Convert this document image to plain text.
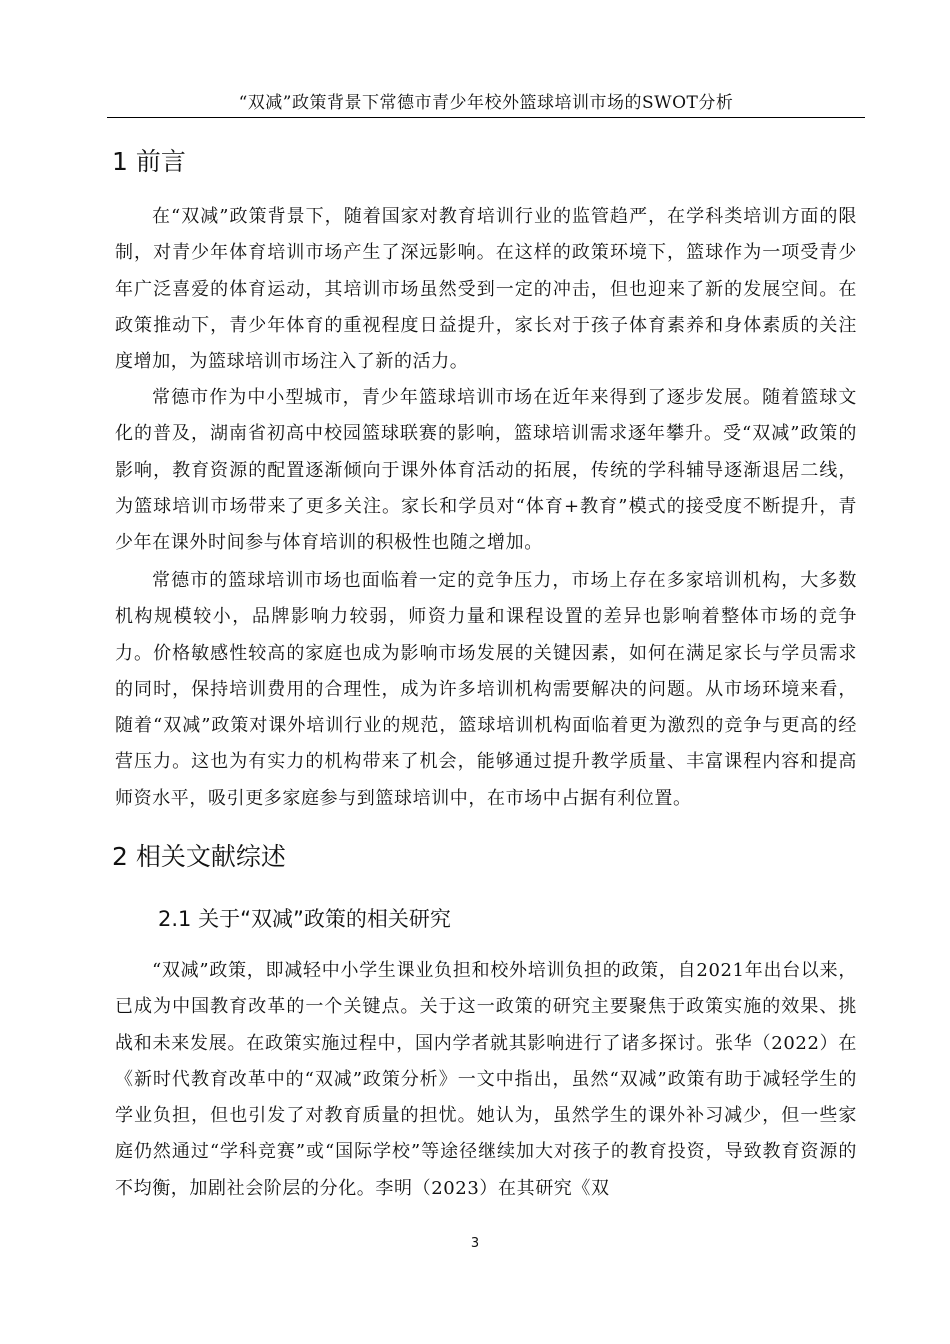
“双减”政策背景下常德市青少年校外篮球培训市场的SWOT分析
1 前言

在“双减”政策背景下，随着国家对教育培训行业的监管趋严，在学科类培训方面的限制，对青少年体育培训市场产生了深远影响。在这样的政策环境下，篮球作为一项受青少年广泛喜爱的体育运动，其培训市场虽然受到一定的冲击，但也迎来了新的发展空间。在政策推动下，青少年体育的重视程度日益提升，家长对于孩子体育素养和身体素质的关注度增加，为篮球培训市场注入了新的活力。

常德市作为中小型城市，青少年篮球培训市场在近年来得到了逐步发展。随着篮球文化的普及，湖南省初高中校园篮球联赛的影响，篮球培训需求逐年攀升。受“双减”政策的影响，教育资源的配置逐渐倾向于课外体育活动的拓展，传统的学科辅导逐渐退居二线，为篮球培训市场带来了更多关注。家长和学员对“体育+教育”模式的接受度不断提升，青少年在课外时间参与体育培训的积极性也随之增加。

常德市的篮球培训市场也面临着一定的竞争压力，市场上存在多家培训机构，大多数机构规模较小，品牌影响力较弱，师资力量和课程设置的差异也影响着整体市场的竞争力。价格敏感性较高的家庭也成为影响市场发展的关键因素，如何在满足家长与学员需求的同时，保持培训费用的合理性，成为许多培训机构需要解决的问题。从市场环境来看，随着“双减”政策对课外培训行业的规范，篮球培训机构面临着更为激烈的竞争与更高的经营压力。这也为有实力的机构带来了机会，能够通过提升教学质量、丰富课程内容和提高师资水平，吸引更多家庭参与到篮球培训中，在市场中占据有利位置。

2 相关文献综述
2.1 关于“双减”政策的相关研究

“双减”政策，即减轻中小学生课业负担和校外培训负担的政策，自2021年出台以来，已成为中国教育改革的一个关键点。关于这一政策的研究主要聚焦于政策实施的效果、挑战和未来发展。在政策实施过程中，国内学者就其影响进行了诸多探讨。张华（2022）在《新时代教育改革中的“双减”政策分析》一文中指出，虽然“双减”政策有助于减轻学生的学业负担，但也引发了对教育质量的担忧。她认为，虽然学生的课外补习减少，但一些家庭仍然通过“学科竞赛”或“国际学校”等途径继续加大对孩子的教育投资，导致教育资源的不均衡，加剧社会阶层的分化。李明（2023）在其研究《双

3
